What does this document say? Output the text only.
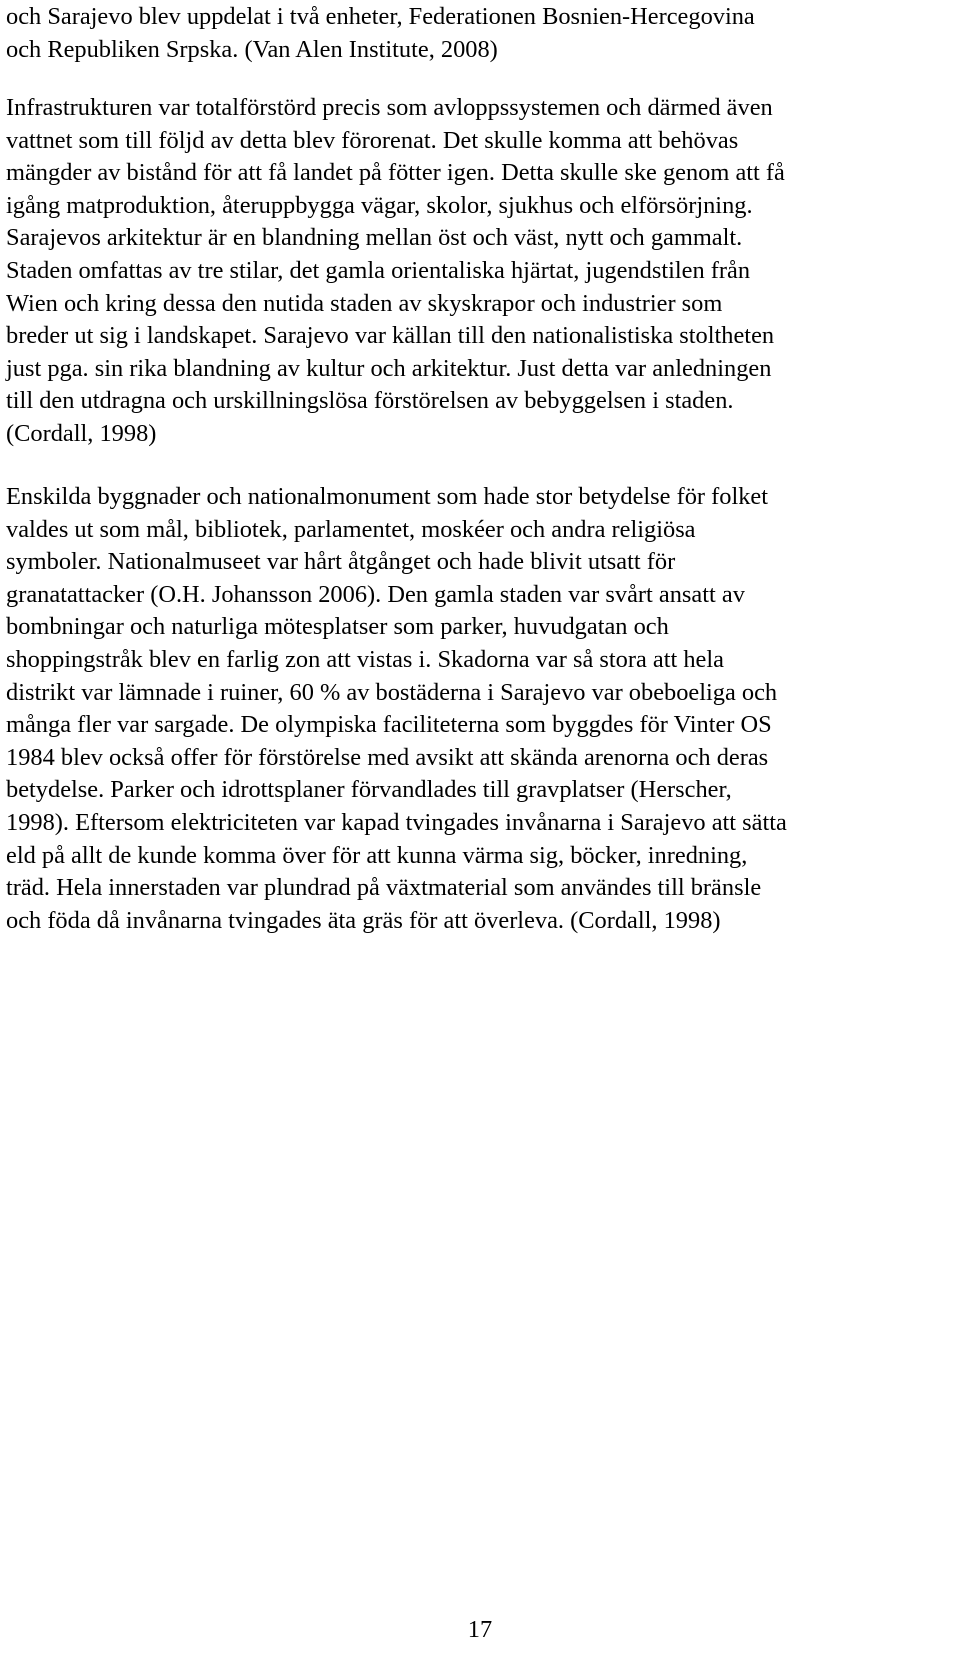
och Sarajevo blev uppdelat i två enheter, Federationen Bosnien-Hercegovina
och Republiken Srpska. (Van Alen Institute, 2008)

Infrastrukturen var totalförstörd precis som avloppssystemen och därmed även
vattnet som till följd av detta blev förorenat. Det skulle komma att behövas
mängder av bistånd för att få landet på fötter igen. Detta skulle ske genom att få
igång matproduktion, återuppbygga vägar, skolor, sjukhus och elförsörjning.
Sarajevos arkitektur är en blandning mellan öst och väst, nytt och gammalt.
Staden omfattas av tre stilar, det gamla orientaliska hjärtat, jugendstilen från
Wien och kring dessa den nutida staden av skyskrapor och industrier som
breder ut sig i landskapet. Sarajevo var källan till den nationalistiska stoltheten
just pga. sin rika blandning av kultur och arkitektur. Just detta var anledningen
till den utdragna och urskillningslösa förstörelsen av bebyggelsen i staden.
(Cordall, 1998)

Enskilda byggnader och nationalmonument som hade stor betydelse för folket
valdes ut som mål, bibliotek, parlamentet, moskéer och andra religiösa
symboler. Nationalmuseet var hårt åtgånget och hade blivit utsatt för
granatattacker (O.H. Johansson 2006). Den gamla staden var svårt ansatt av
bombningar och naturliga mötesplatser som parker, huvudgatan och
shoppingstråk blev en farlig zon att vistas i. Skadorna var så stora att hela
distrikt var lämnade i ruiner, 60 % av bostäderna i Sarajevo var obeboeliga och
många fler var sargade. De olympiska faciliteterna som byggdes för Vinter OS
1984 blev också offer för förstörelse med avsikt att skända arenorna och deras
betydelse. Parker och idrottsplaner förvandlades till gravplatser (Herscher,
1998). Eftersom elektriciteten var kapad tvingades invånarna i Sarajevo att sätta
eld på allt de kunde komma över för att kunna värma sig, böcker, inredning,
träd. Hela innerstaden var plundrad på växtmaterial som användes till bränsle
och föda då invånarna tvingades äta gräs för att överleva. (Cordall, 1998)

17
